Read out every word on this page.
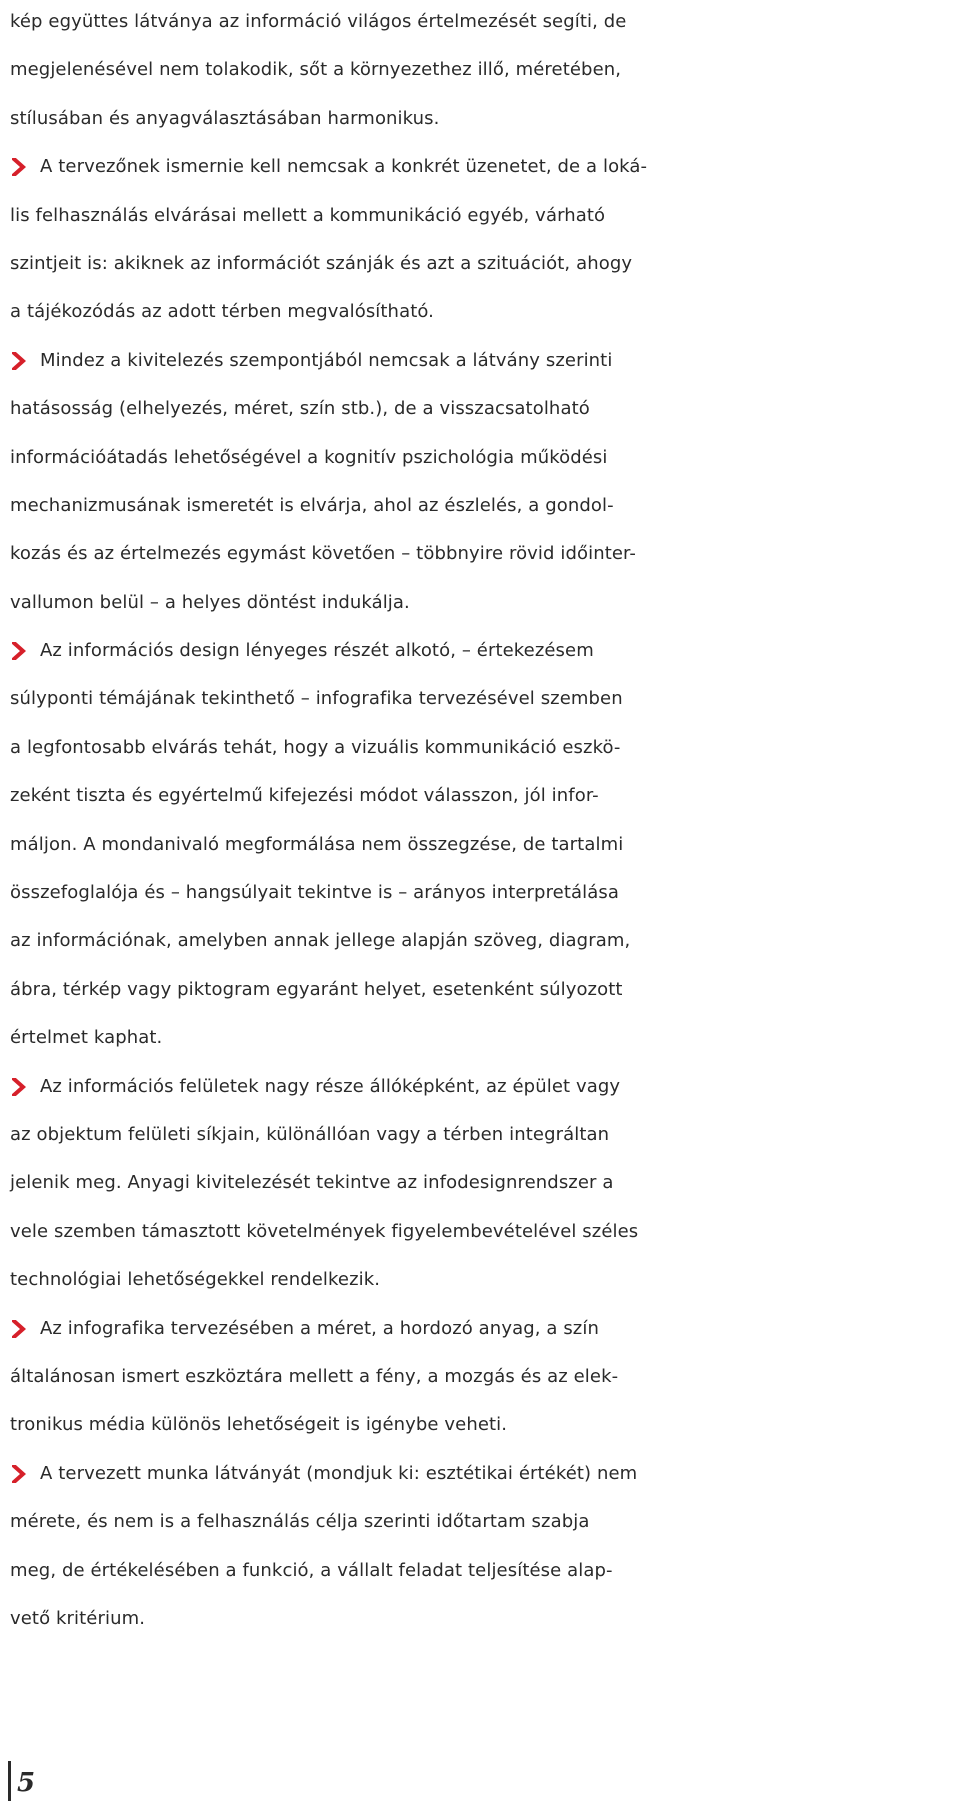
kép együttes látványa az információ világos értelmezését segíti, de
megjelenésével nem tolakodik, sőt a környezethez illő, méretében,
stílusában és anyagválasztásában harmonikus.
A tervezőnek ismernie kell nemcsak a konkrét üzenetet, de a loká-
lis felhasználás elvárásai mellett a kommunikáció egyéb, várható
szintjeit is: akiknek az információt szánják és azt a szituációt, ahogy
a tájékozódás az adott térben megvalósítható.
Mindez a kivitelezés szempontjából nemcsak a látvány szerinti
hatásosság (elhelyezés, méret, szín stb.), de a visszacsatolható
információátadás lehetőségével a kognitív pszichológia működési
mechanizmusának ismeretét is elvárja, ahol az észlelés, a gondol-
kozás és az értelmezés egymást követően – többnyire rövid időinter-
vallumon belül – a helyes döntést indukálja.
Az információs design lényeges részét alkotó, – értekezésem
súlyponti témájának tekinthető – infografika tervezésével szemben
a legfontosabb elvárás tehát, hogy a vizuális kommunikáció eszkö-
zeként tiszta és egyértelmű kifejezési módot válasszon, jól infor-
máljon. A mondanivaló megformálása nem összegzése, de tartalmi
összefoglalója és – hangsúlyait tekintve is – arányos interpretálása
az információnak, amelyben annak jellege alapján szöveg, diagram,
ábra, térkép vagy piktogram egyaránt helyet, esetenként súlyozott
értelmet kaphat.
Az információs felületek nagy része állóképként, az épület vagy
az objektum felületi síkjain, különállóan vagy a térben integráltan
jelenik meg. Anyagi kivitelezését tekintve az infodesignrendszer a
vele szemben támasztott követelmények figyelembevételével széles
technológiai lehetőségekkel rendelkezik.
Az infografika tervezésében a méret, a hordozó anyag, a szín
általánosan ismert eszköztára mellett a fény, a mozgás és az elek-
tronikus média különös lehetőségeit is igénybe veheti.
A tervezett munka látványát (mondjuk ki: esztétikai értékét) nem
mérete, és nem is a felhasználás célja szerinti időtartam szabja
meg, de értékelésében a funkció, a vállalt feladat teljesítése alap-
vető kritérium.
5
